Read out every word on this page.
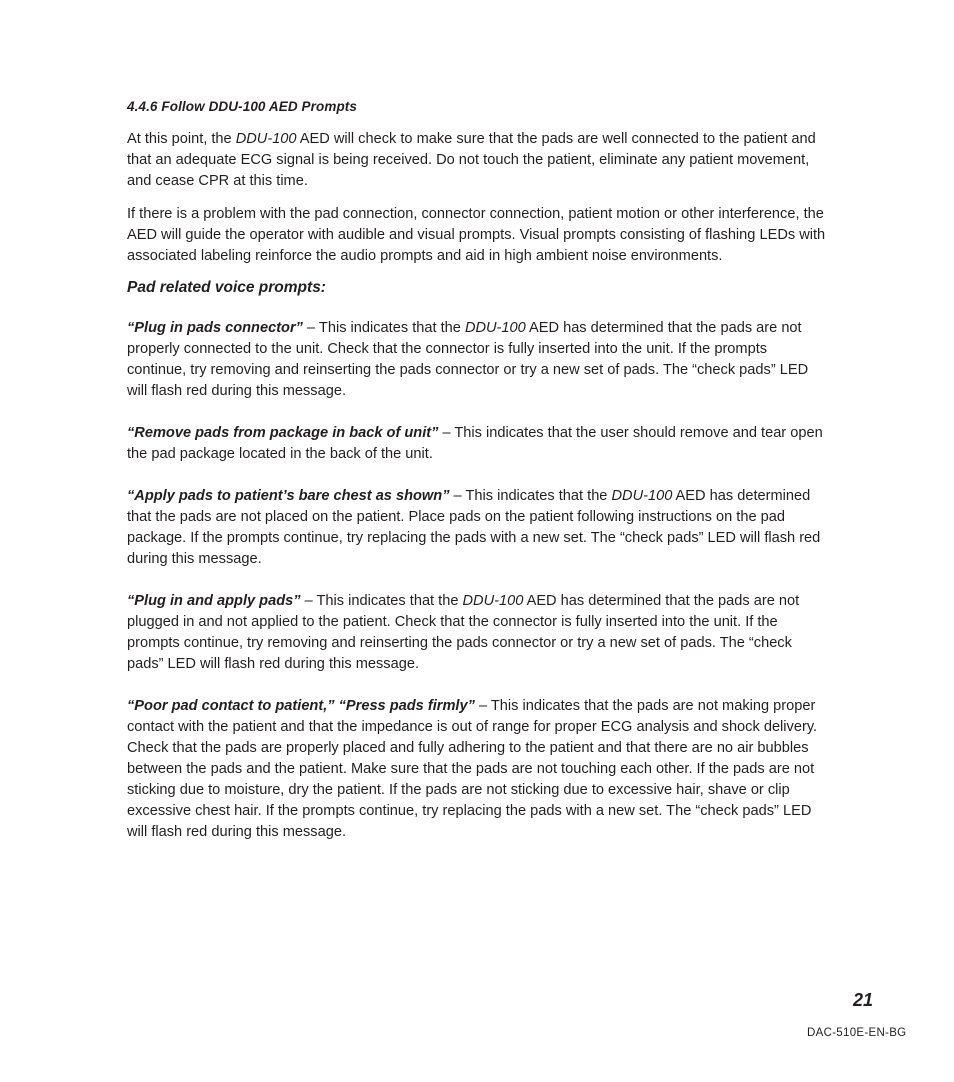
4.4.6 Follow DDU-100 AED Prompts

At this point, the DDU-100 AED will check to make sure that the pads are well connected to the patient and that an adequate ECG signal is being received. Do not touch the patient, eliminate any patient movement, and cease CPR at this time.

If there is a problem with the pad connection, connector connection, patient motion or other interference, the AED will guide the operator with audible and visual prompts. Visual prompts consisting of flashing LEDs with associated labeling reinforce the audio prompts and aid in high ambient noise environments.

Pad related voice prompts:

“Plug in pads connector” – This indicates that the DDU-100 AED has determined that the pads are not properly connected to the unit. Check that the connector is fully inserted into the unit. If the prompts continue, try removing and reinserting the pads connector or try a new set of pads. The “check pads” LED will flash red during this message.

“Remove pads from package in back of unit” – This indicates that the user should remove and tear open the pad package located in the back of the unit.

“Apply pads to patient’s bare chest as shown” – This indicates that the DDU-100 AED has determined that the pads are not placed on the patient. Place pads on the patient following instructions on the pad package. If the prompts continue, try replacing the pads with a new set. The “check pads” LED will flash red during this message.

“Plug in and apply pads” – This indicates that the DDU-100 AED has determined that the pads are not plugged in and not applied to the patient. Check that the connector is fully inserted into the unit. If the prompts continue, try removing and reinserting the pads connector or try a new set of pads. The “check pads” LED will flash red during this message.

“Poor pad contact to patient,” “Press pads firmly” – This indicates that the pads are not making proper contact with the patient and that the impedance is out of range for proper ECG analysis and shock delivery. Check that the pads are properly placed and fully adhering to the patient and that there are no air bubbles between the pads and the patient. Make sure that the pads are not touching each other. If the pads are not sticking due to moisture, dry the patient. If the pads are not sticking due to excessive hair, shave or clip excessive chest hair. If the prompts continue, try replacing the pads with a new set. The “check pads” LED will flash red during this message.

21
DAC-510E-EN-BG
